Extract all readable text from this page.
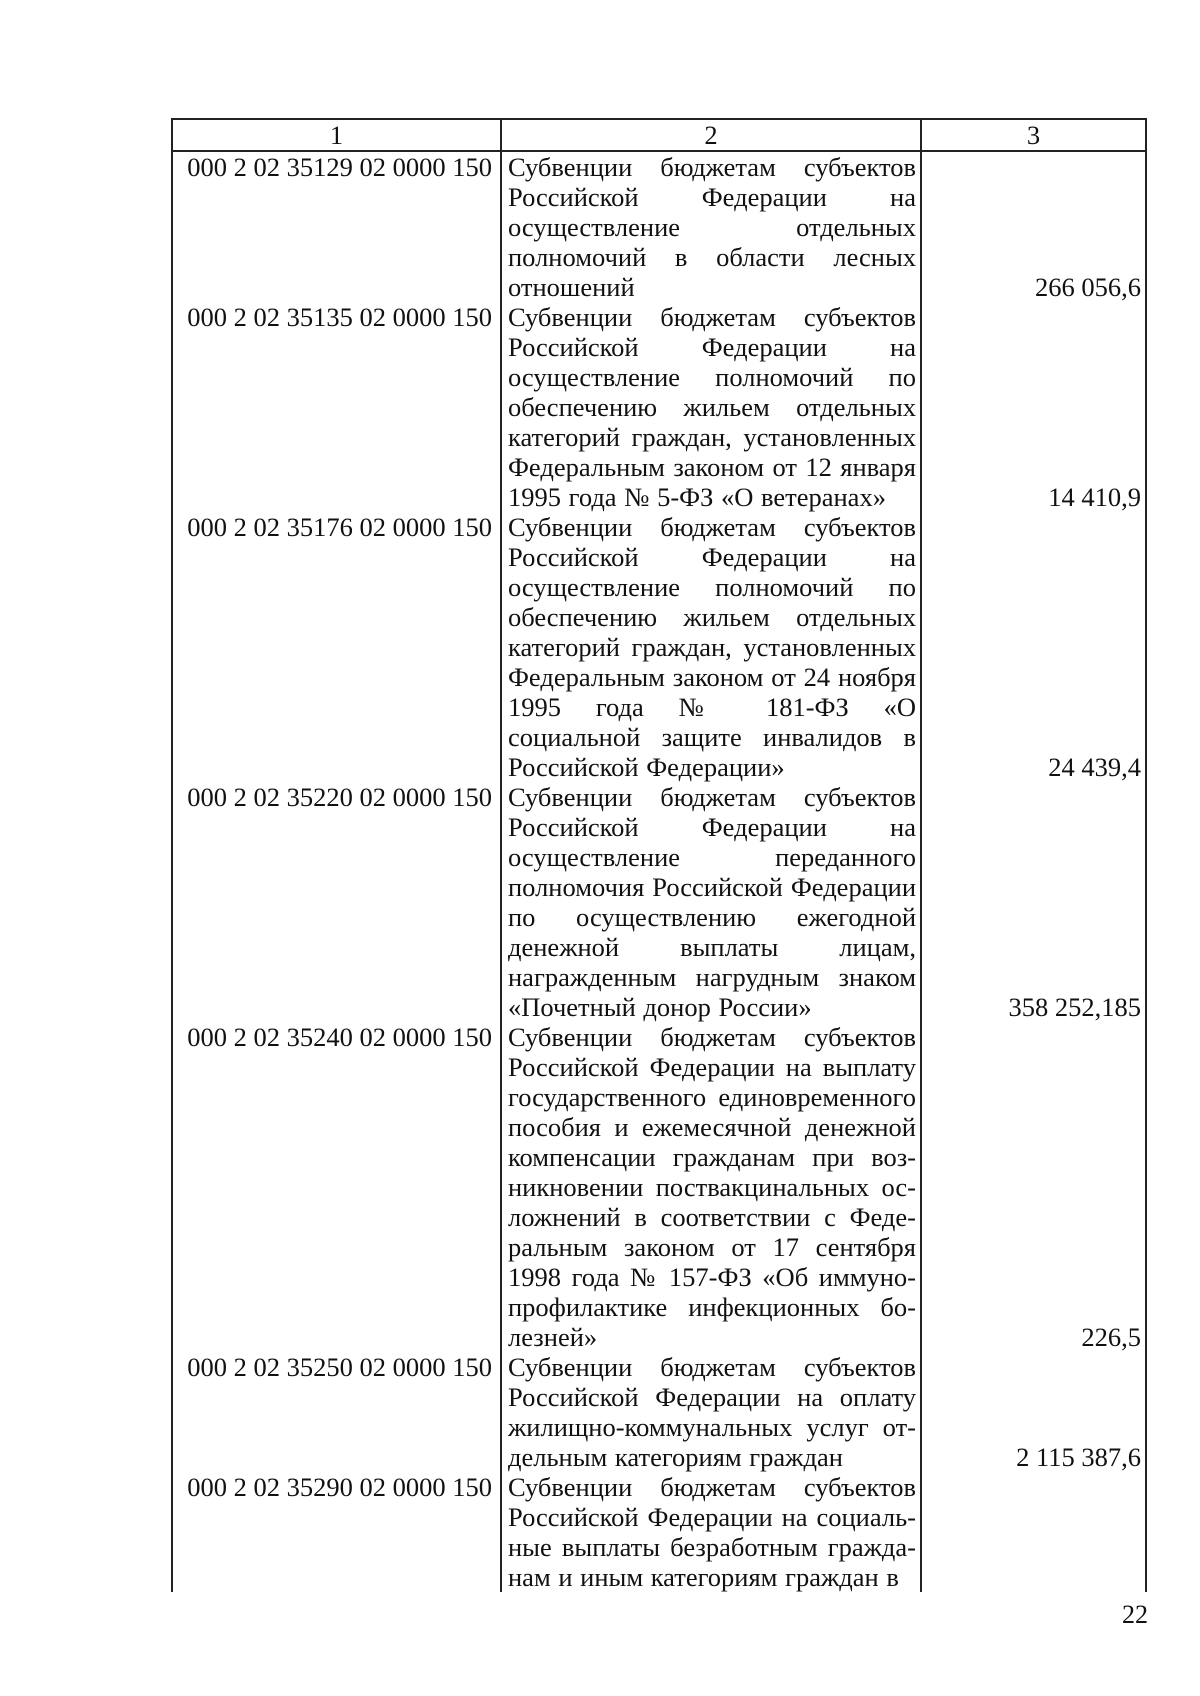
1	2	3
000 2 02 35129 02 0000 150	Субвенции бюджетам субъектов Российской Федерации на осуществление отдельных полномочий в области лесных отношений	266 056,6
000 2 02 35135 02 0000 150	Субвенции бюджетам субъектов Российской Федерации на осуществление полномочий по обеспечению жильем отдельных категорий граждан, установленных Федеральным законом от 12 января 1995 года № 5-ФЗ «О ветеранах»	14 410,9
000 2 02 35176 02 0000 150	Субвенции бюджетам субъектов Российской Федерации на осуществление полномочий по обеспечению жильем отдельных категорий граждан, установленных Федеральным законом от 24 ноября 1995 года № 181-ФЗ «О социальной защите инвалидов в Российской Федерации»	24 439,4
000 2 02 35220 02 0000 150	Субвенции бюджетам субъектов Российской Федерации на осуществление переданного полномочия Российской Федерации по осуществлению ежегодной денежной выплаты лицам, награжденным нагрудным знаком «Почетный донор России»	358 252,185
000 2 02 35240 02 0000 150	Субвенции бюджетам субъектов Российской Федерации на выплату государственного единовременного пособия и ежемесячной денежной компенсации гражданам при возникновении поствакцинальных осложнений в соответствии с Федеральным законом от 17 сентября 1998 года № 157-ФЗ «Об иммунопрофилактике инфекционных болезней»	226,5
000 2 02 35250 02 0000 150	Субвенции бюджетам субъектов Российской Федерации на оплату жилищно-коммунальных услуг отдельным категориям граждан	2 115 387,6
000 2 02 35290 02 0000 150	Субвенции бюджетам субъектов Российской Федерации на социальные выплаты безработным гражданам и иным категориям граждан в	
22
